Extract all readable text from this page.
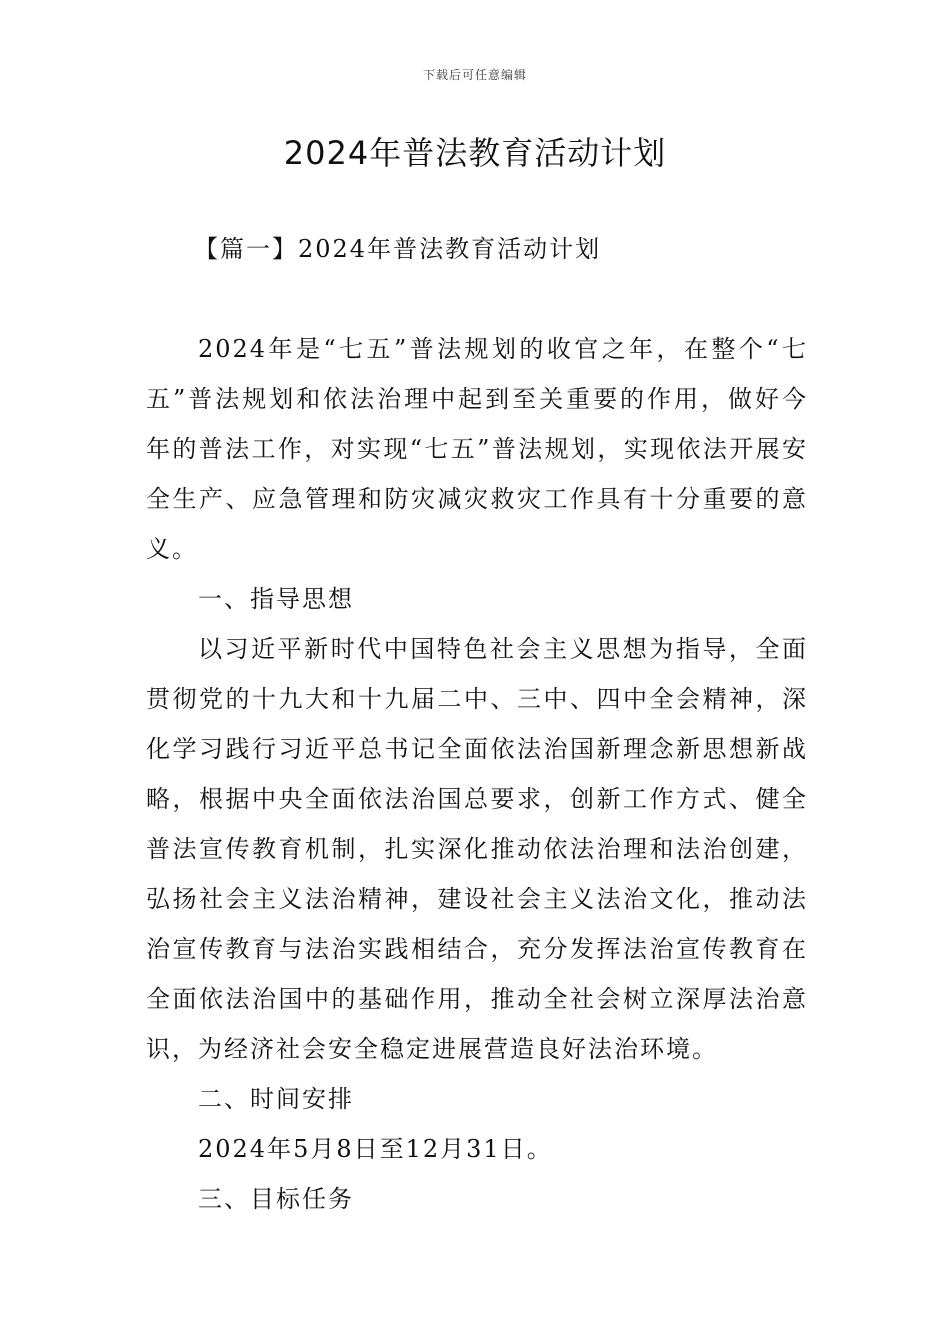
下载后可任意编辑
2024年普法教育活动计划
【篇一】2024年普法教育活动计划

2024年是“七五”普法规划的收官之年，在整个“七五”普法规划和依法治理中起到至关重要的作用，做好今年的普法工作，对实现“七五”普法规划，实现依法开展安全生产、应急管理和防灾减灾救灾工作具有十分重要的意义。

一、指导思想

以习近平新时代中国特色社会主义思想为指导，全面贯彻党的十九大和十九届二中、三中、四中全会精神，深化学习践行习近平总书记全面依法治国新理念新思想新战略，根据中央全面依法治国总要求，创新工作方式、健全普法宣传教育机制，扎实深化推动依法治理和法治创建，弘扬社会主义法治精神，建设社会主义法治文化，推动法治宣传教育与法治实践相结合，充分发挥法治宣传教育在全面依法治国中的基础作用，推动全社会树立深厚法治意识，为经济社会安全稳定进展营造良好法治环境。

二、时间安排

2024年5月8日至12月31日。

三、目标任务
